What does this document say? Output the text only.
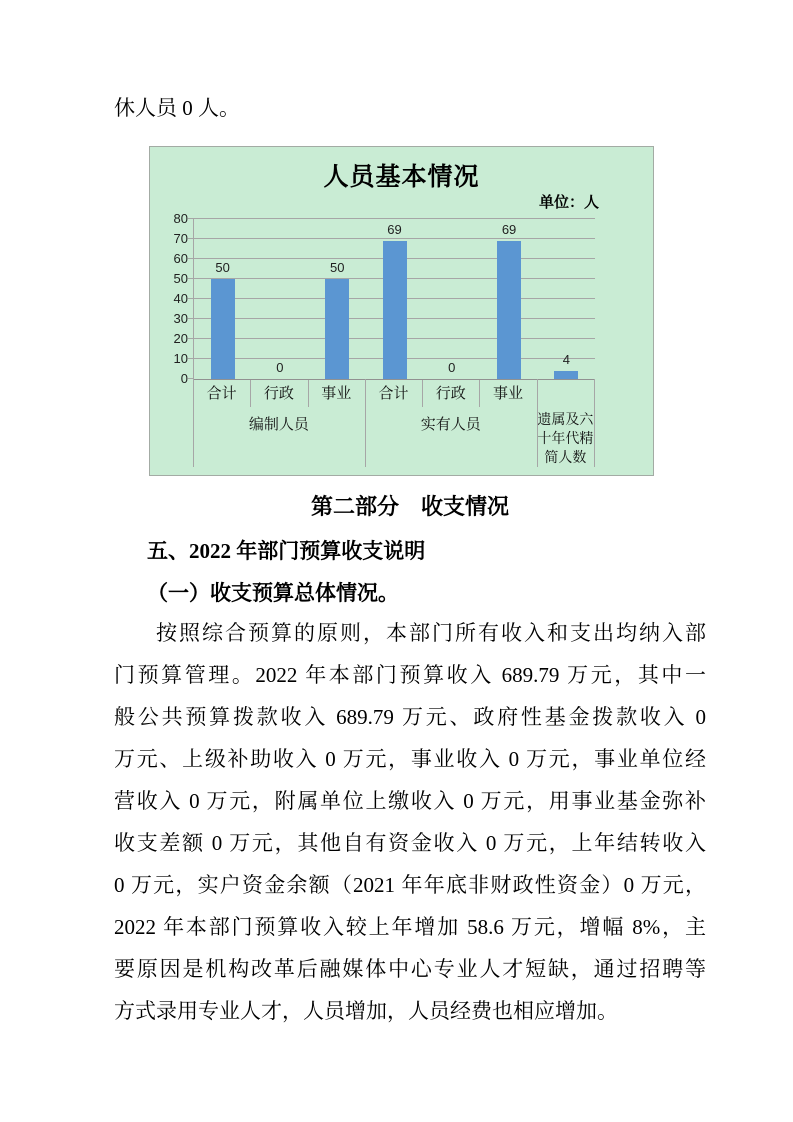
休人员 0 人。
人员基本情况
单位：人
0
10
20
30
40
50
60
70
80
50
0
50
69
0
69
4
合计	行政	事业	合计	行政	事业
编制人员	实有人员	遗属及六十年代精简人数
第二部分　收支情况
五、2022 年部门预算收支说明
（一）收支预算总体情况。
按照综合预算的原则，本部门所有收入和支出均纳入部
门预算管理。2022 年本部门预算收入 689.79 万元，其中一
般公共预算拨款收入 689.79 万元、政府性基金拨款收入 0
万元、上级补助收入 0 万元，事业收入 0 万元，事业单位经
营收入 0 万元，附属单位上缴收入 0 万元，用事业基金弥补
收支差额 0 万元，其他自有资金收入 0 万元，上年结转收入
0 万元，实户资金余额（2021 年年底非财政性资金）0 万元，
2022 年本部门预算收入较上年增加 58.6 万元，增幅 8%，主
要原因是机构改革后融媒体中心专业人才短缺，通过招聘等
方式录用专业人才，人员增加，人员经费也相应增加。
